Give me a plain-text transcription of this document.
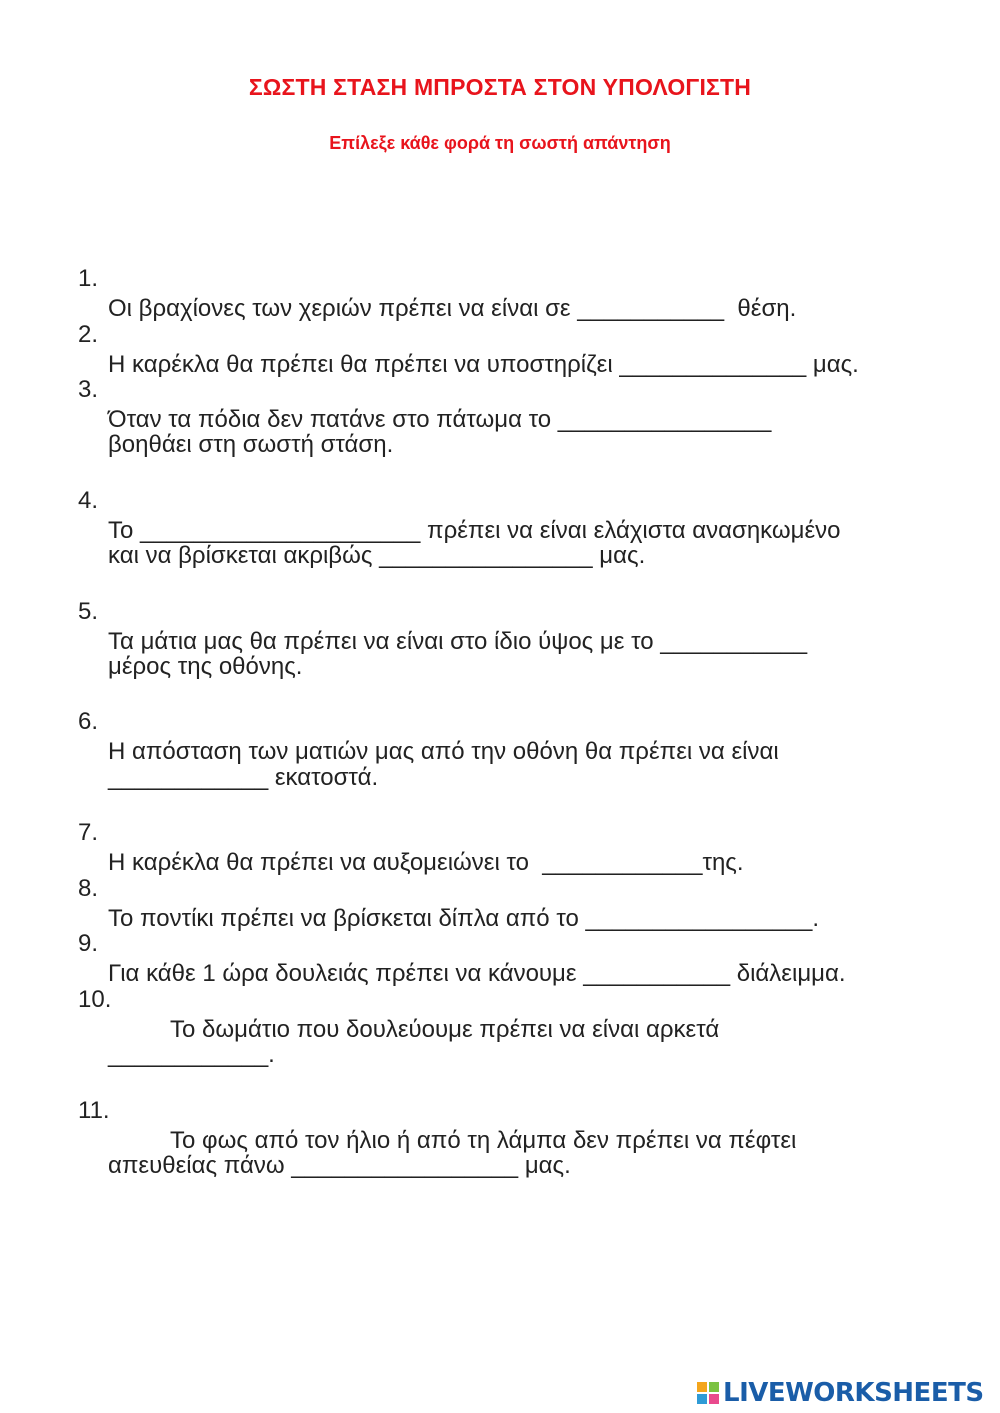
ΣΩΣΤΗ ΣΤΑΣΗ ΜΠΡΟΣΤΑ ΣΤΟΝ ΥΠΟΛΟΓΙΣΤΗ
Επίλεξε κάθε φορά τη σωστή απάντηση

1.

Οι βραχίονες των χεριών πρέπει να είναι σε ___________  θέση.

2.

Η καρέκλα θα πρέπει θα πρέπει να υποστηρίζει ______________ μας.

3.

Όταν τα πόδια δεν πατάνε στο πάτωμα το ________________

βοηθάει στη σωστή στάση.

4.

Το _____________________ πρέπει να είναι ελάχιστα ανασηκωμένο

και να βρίσκεται ακριβώς ________________ μας.

5.

Τα μάτια μας θα πρέπει να είναι στο ίδιο ύψος με το ___________

μέρος της οθόνης.

6.

Η απόσταση των ματιών μας από την οθόνη θα πρέπει να είναι

____________ εκατοστά.

7.

Η καρέκλα θα πρέπει να αυξομειώνει το  ____________της.

8.

Το ποντίκι πρέπει να βρίσκεται δίπλα από το _________________.

9.

Για κάθε 1 ώρα δουλειάς πρέπει να κάνουμε ___________ διάλειμμα.

10.

Το δωμάτιο που δουλεύουμε πρέπει να είναι αρκετά

____________.

11.

Το φως από τον ήλιο ή από τη λάμπα δεν πρέπει να πέφτει

απευθείας πάνω _________________ μας.

LIVEWORKSHEETS
